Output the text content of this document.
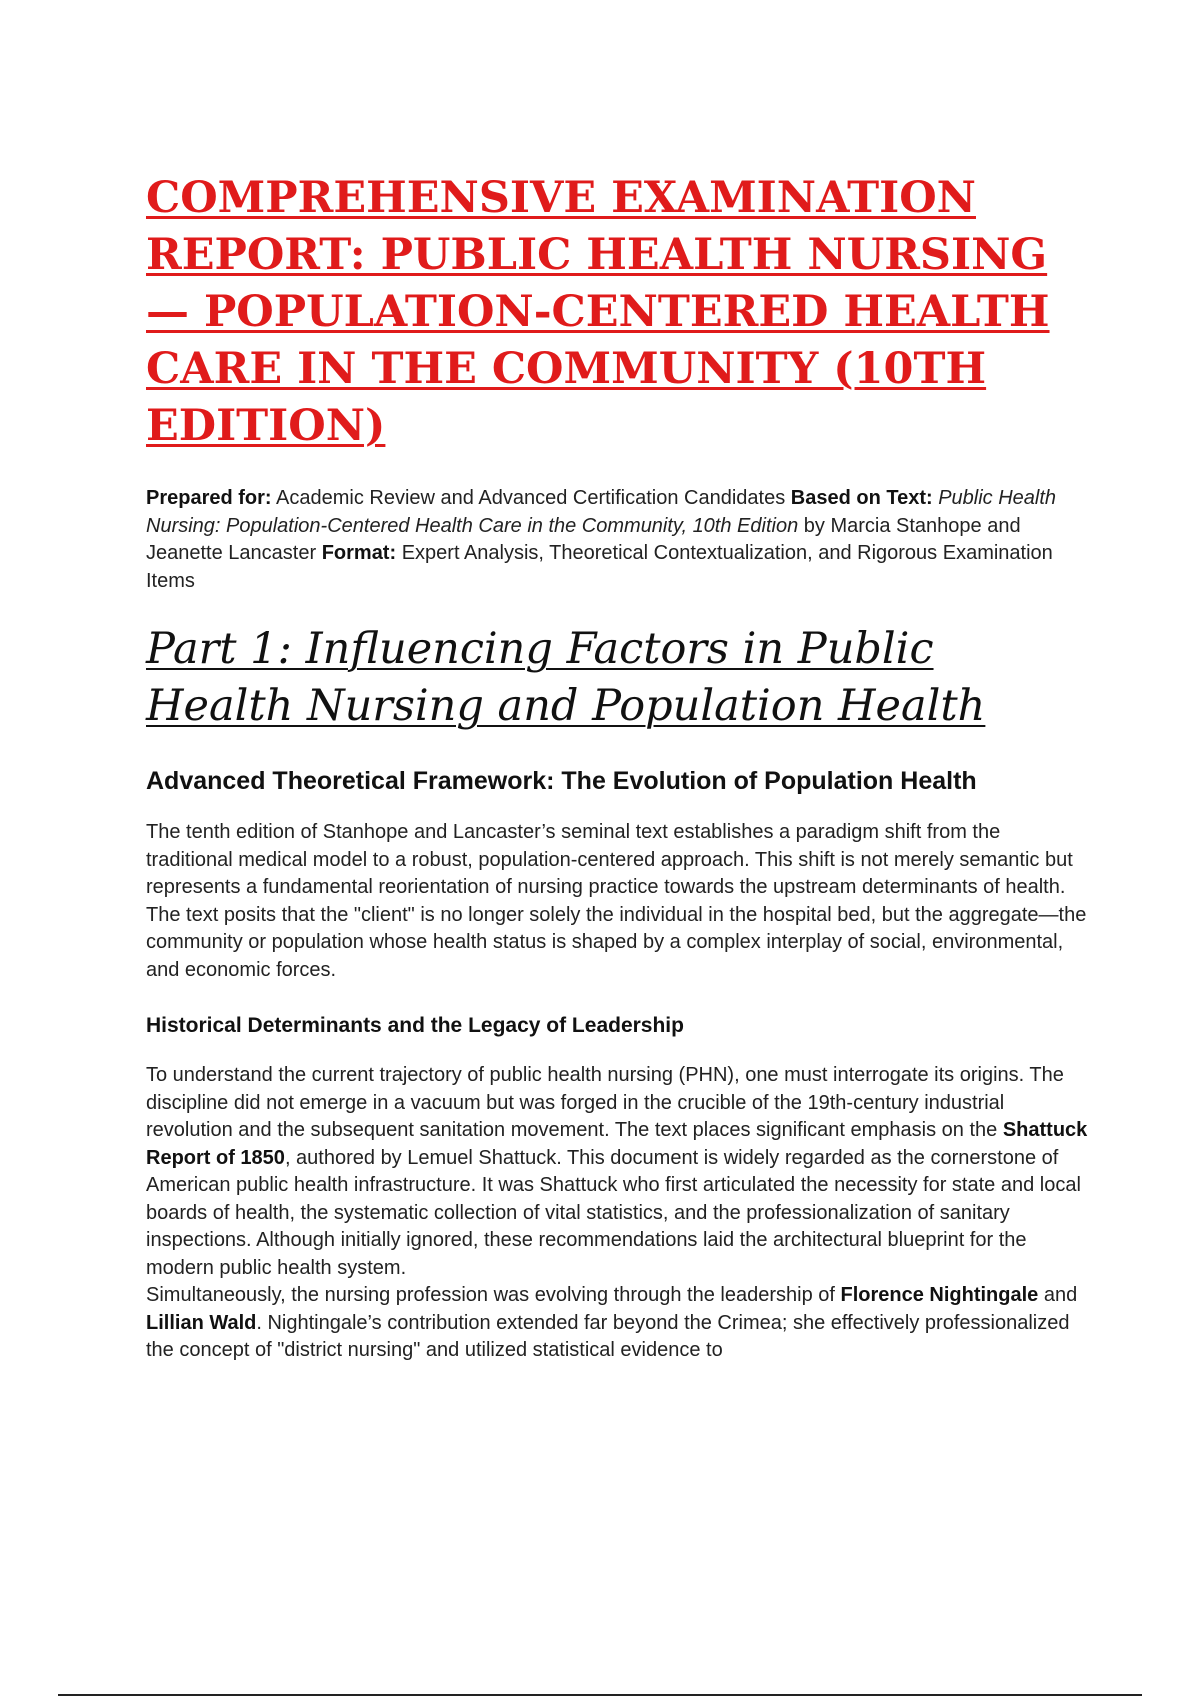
COMPREHENSIVE EXAMINATION REPORT: PUBLIC HEALTH NURSING — POPULATION-CENTERED HEALTH CARE IN THE COMMUNITY (10TH EDITION)

Prepared for: Academic Review and Advanced Certification Candidates Based on Text: Public Health Nursing: Population-Centered Health Care in the Community, 10th Edition by Marcia Stanhope and Jeanette Lancaster Format: Expert Analysis, Theoretical Contextualization, and Rigorous Examination Items

Part 1: Influencing Factors in Public Health Nursing and Population Health
Advanced Theoretical Framework: The Evolution of Population Health

The tenth edition of Stanhope and Lancaster’s seminal text establishes a paradigm shift from the traditional medical model to a robust, population-centered approach. This shift is not merely semantic but represents a fundamental reorientation of nursing practice towards the upstream determinants of health. The text posits that the "client" is no longer solely the individual in the hospital bed, but the aggregate—the community or population whose health status is shaped by a complex interplay of social, environmental, and economic forces.

Historical Determinants and the Legacy of Leadership

To understand the current trajectory of public health nursing (PHN), one must interrogate its origins. The discipline did not emerge in a vacuum but was forged in the crucible of the 19th-century industrial revolution and the subsequent sanitation movement. The text places significant emphasis on the Shattuck Report of 1850, authored by Lemuel Shattuck. This document is widely regarded as the cornerstone of American public health infrastructure. It was Shattuck who first articulated the necessity for state and local boards of health, the systematic collection of vital statistics, and the professionalization of sanitary inspections. Although initially ignored, these recommendations laid the architectural blueprint for the modern public health system.

Simultaneously, the nursing profession was evolving through the leadership of Florence Nightingale and Lillian Wald. Nightingale’s contribution extended far beyond the Crimea; she effectively professionalized the concept of "district nursing" and utilized statistical evidence to
